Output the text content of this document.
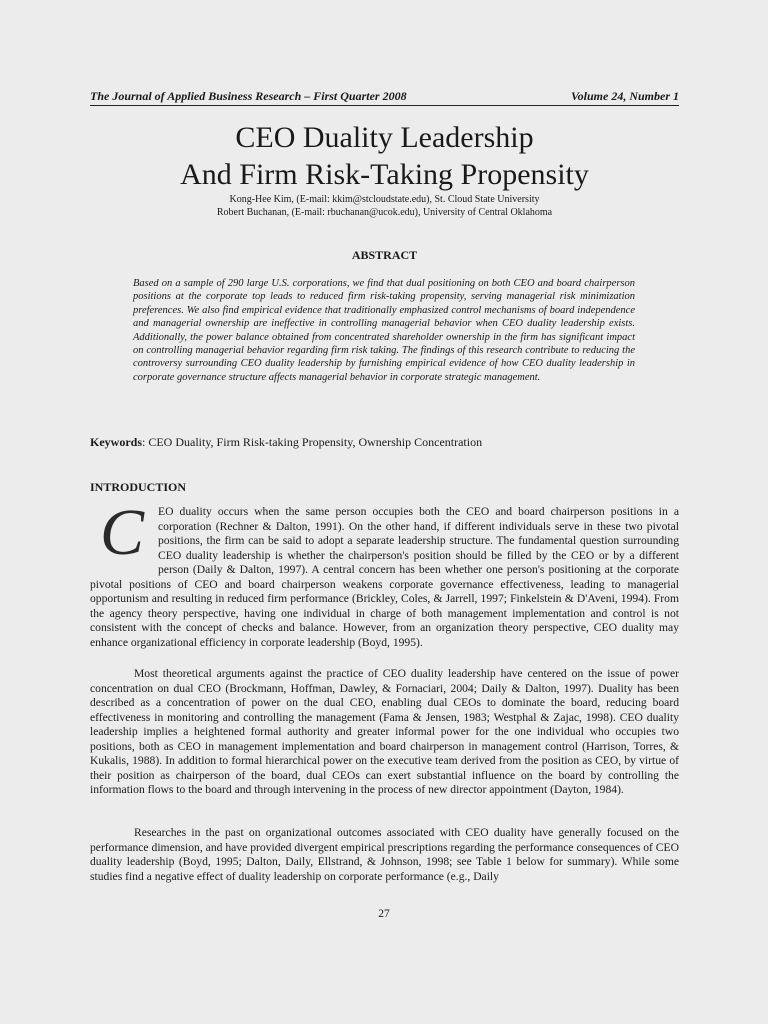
The Journal of Applied Business Research – First Quarter 2008	Volume 24, Number 1
CEO Duality Leadership
And Firm Risk-Taking Propensity
Kong-Hee Kim, (E-mail: kkim@stcloudstate.edu), St. Cloud State University
Robert Buchanan, (E-mail: rbuchanan@ucok.edu), University of Central Oklahoma
ABSTRACT
Based on a sample of 290 large U.S. corporations, we find that dual positioning on both CEO and board chairperson positions at the corporate top leads to reduced firm risk-taking propensity, serving managerial risk minimization preferences. We also find empirical evidence that traditionally emphasized control mechanisms of board independence and managerial ownership are ineffective in controlling managerial behavior when CEO duality leadership exists. Additionally, the power balance obtained from concentrated shareholder ownership in the firm has significant impact on controlling managerial behavior regarding firm risk taking. The findings of this research contribute to reducing the controversy surrounding CEO duality leadership by furnishing empirical evidence of how CEO duality leadership in corporate governance structure affects managerial behavior in corporate strategic management.
Keywords: CEO Duality, Firm Risk-taking Propensity, Ownership Concentration
INTRODUCTION
C	EO duality occurs when the same person occupies both the CEO and board chairperson positions in a corporation (Rechner & Dalton, 1991). On the other hand, if different individuals serve in these two pivotal positions, the firm can be said to adopt a separate leadership structure. The fundamental question surrounding CEO duality leadership is whether the chairperson's position should be filled by the CEO or by a different person (Daily & Dalton, 1997). A central concern has been whether one person's positioning at the corporate pivotal positions of CEO and board chairperson weakens corporate governance effectiveness, leading to managerial opportunism and resulting in reduced firm performance (Brickley, Coles, & Jarrell, 1997; Finkelstein & D'Aveni, 1994). From the agency theory perspective, having one individual in charge of both management implementation and control is not consistent with the concept of checks and balance. However, from an organization theory perspective, CEO duality may enhance organizational efficiency in corporate leadership (Boyd, 1995).

Most theoretical arguments against the practice of CEO duality leadership have centered on the issue of power concentration on dual CEO (Brockmann, Hoffman, Dawley, & Fornaciari, 2004; Daily & Dalton, 1997). Duality has been described as a concentration of power on the dual CEO, enabling dual CEOs to dominate the board, reducing board effectiveness in monitoring and controlling the management (Fama & Jensen, 1983; Westphal & Zajac, 1998). CEO duality leadership implies a heightened formal authority and greater informal power for the one individual who occupies two positions, both as CEO in management implementation and board chairperson in management control (Harrison, Torres, & Kukalis, 1988). In addition to formal hierarchical power on the executive team derived from the position as CEO, by virtue of their position as chairperson of the board, dual CEOs can exert substantial influence on the board by controlling the information flows to the board and through intervening in the process of new director appointment (Dayton, 1984).

Researches in the past on organizational outcomes associated with CEO duality have generally focused on the performance dimension, and have provided divergent empirical prescriptions regarding the performance consequences of CEO duality leadership (Boyd, 1995; Dalton, Daily, Ellstrand, & Johnson, 1998; see Table 1 below for summary). While some studies find a negative effect of duality leadership on corporate performance (e.g., Daily

27
